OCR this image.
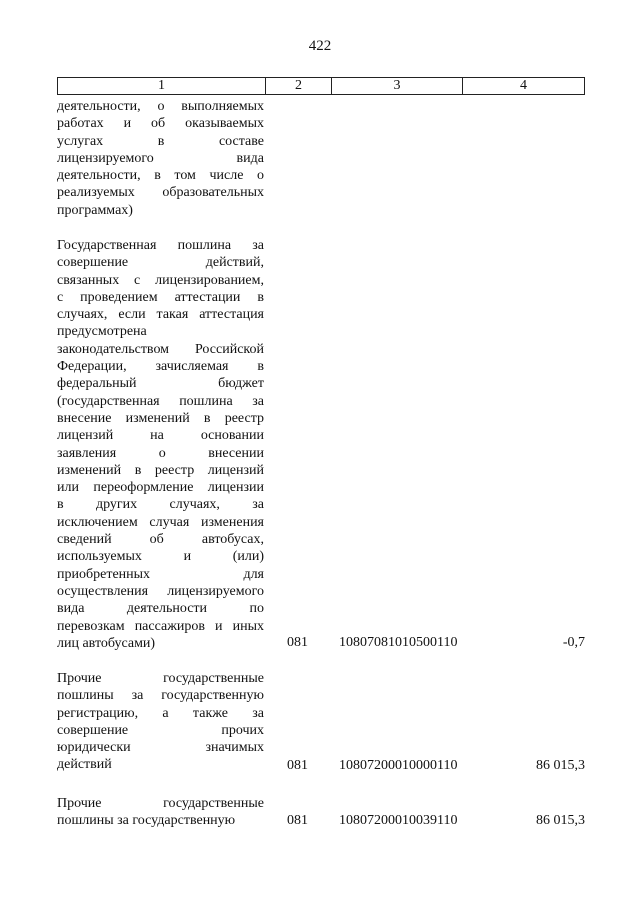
422
1	2	3	4
деятельности, о выполняемых
работах и об оказываемых
услугах в составе
лицензируемого вида
деятельности, в том числе о
реализуемых образовательных
программах)
Государственная пошлина за
совершение действий,
связанных с лицензированием,
с проведением аттестации в
случаях, если такая аттестация
предусмотрена
законодательством Российской
Федерации, зачисляемая в
федеральный бюджет
(государственная пошлина за
внесение изменений в реестр
лицензий на основании
заявления о внесении
изменений в реестр лицензий
или переоформление лицензии
в других случаях, за
исключением случая изменения
сведений об автобусах,
используемых и (или)
приобретенных для
осуществления лицензируемого
вида деятельности по
перевозкам пассажиров и иных
лиц автобусами)	081 10807081010500110	-0,7
Прочие государственные
пошлины за государственную
регистрацию, а также за
совершение прочих
юридически значимых
действий	081 10807200010000110	86 015,3
Прочие государственные
пошлины за государственную	081 10807200010039110	86 015,3
